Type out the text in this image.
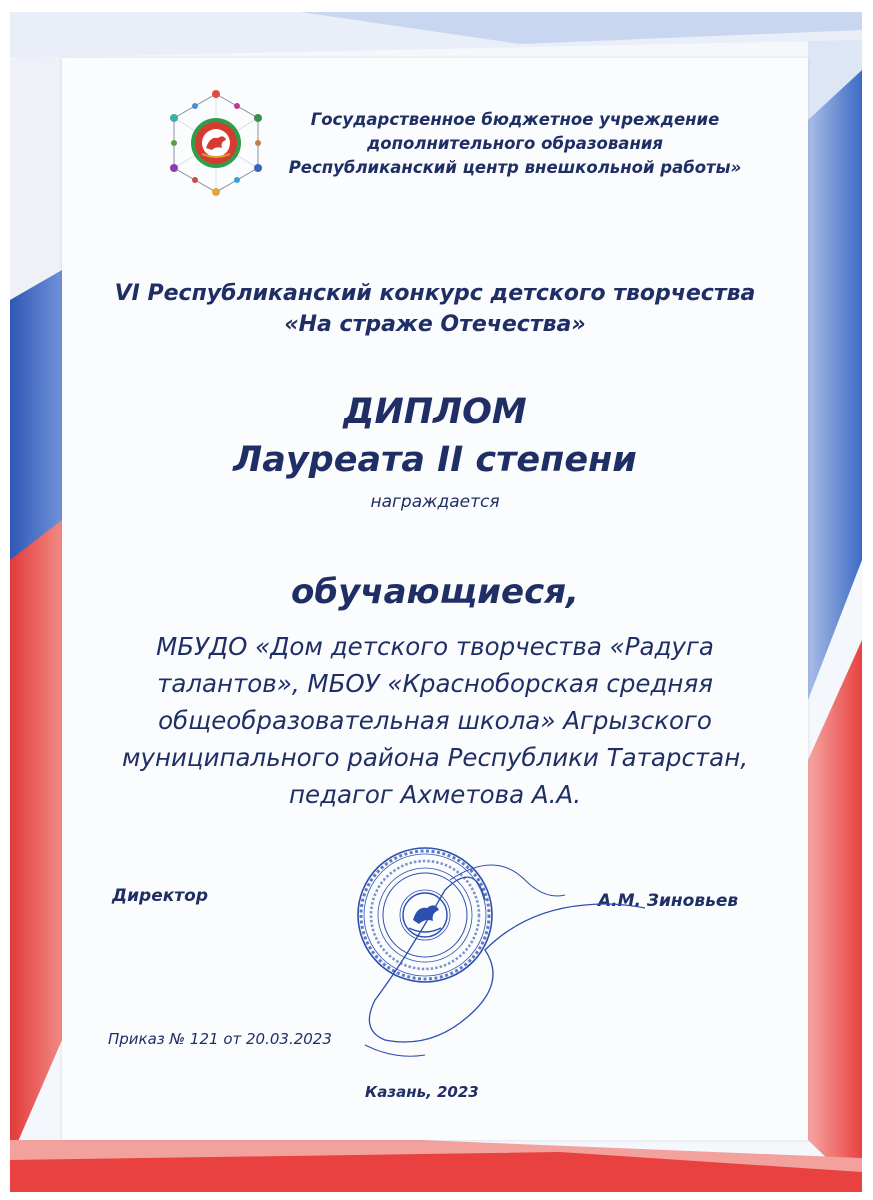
Государственное бюджетное учреждение
дополнительного образования
Республиканский центр внешкольной работы»
VI Республиканский конкурс детского творчества
«На страже Отечества»
ДИПЛОМ
Лауреата II степени
награждается
обучающиеся,
МБУДО «Дом детского творчества «Радуга
талантов», МБОУ «Красноборская средняя
общеобразовательная школа» Агрызского
муниципального района Республики Татарстан,
педагог Ахметова А.А.
Директор	А.М. Зиновьев
Приказ № 121 от 20.03.2023
Казань, 2023
